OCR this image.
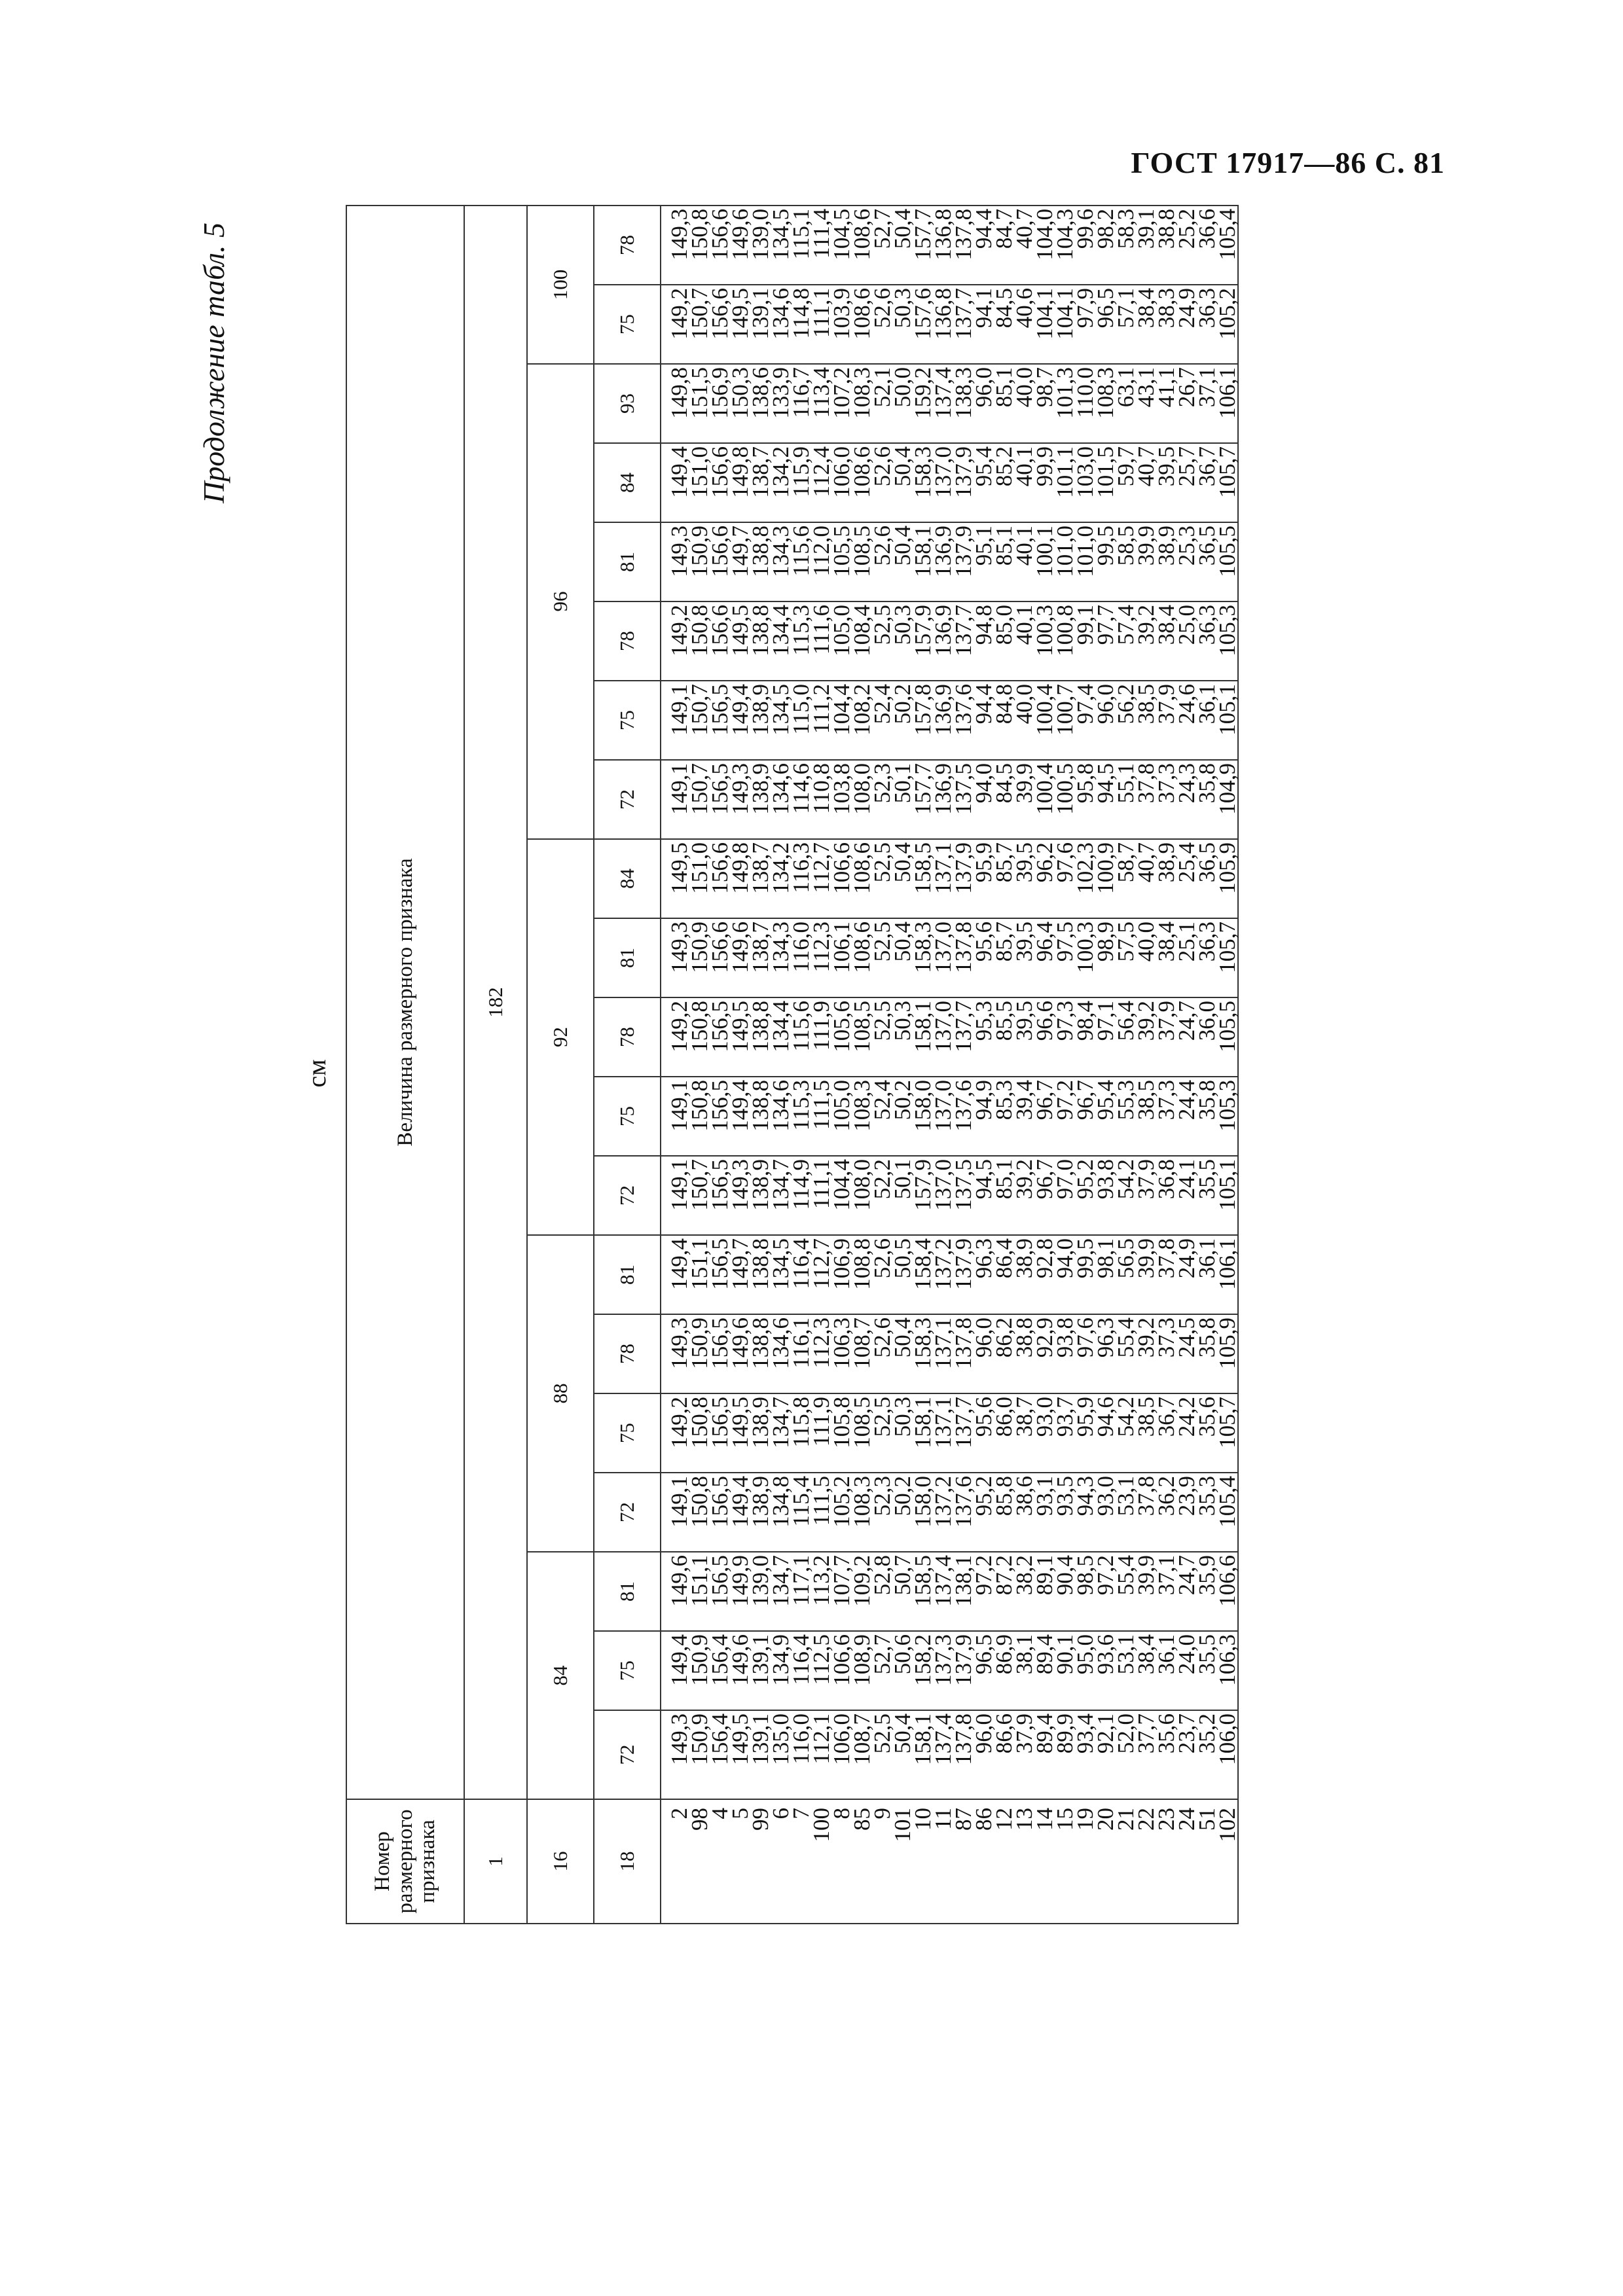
ГОСТ 17917—86 С. 81
Продолжение табл. 5
см
Номер размерного признака	Величина размерного признака																			
1	182																			
16	84			88				92					96						100	
18	72	75	81	72	75	78	81	72	75	78	81	84	72	75	78	81	84	93	75	78
2	149,3	149,4	149,6	149,1	149,2	149,3	149,4	149,1	149,1	149,2	149,3	149,5	149,1	149,1	149,2	149,3	149,4	149,8	149,2	149,3
98	150,9	150,9	151,1	150,8	150,8	150,9	151,1	150,7	150,8	150,8	150,9	151,0	150,7	150,7	150,8	150,9	151,0	151,5	150,7	150,8
4	156,4	156,4	156,5	156,5	156,5	156,5	156,5	156,5	156,5	156,5	156,6	156,6	156,5	156,5	156,6	156,6	156,6	156,9	156,6	156,6
5	149,5	149,6	149,9	149,4	149,5	149,6	149,7	149,3	149,4	149,5	149,6	149,8	149,3	149,4	149,5	149,7	149,8	150,3	149,5	149,6
99	139,1	139,1	139,0	138,9	138,9	138,8	138,8	138,9	138,8	138,8	138,7	138,7	138,9	138,9	138,8	138,8	138,7	138,6	139,1	139,0
6	135,0	134,9	134,7	134,8	134,7	134,6	134,5	134,7	134,6	134,4	134,3	134,2	134,6	134,5	134,4	134,3	134,2	133,9	134,6	134,5
7	116,0	116,4	117,1	115,4	115,8	116,1	116,4	114,9	115,3	115,6	116,0	116,3	114,6	115,0	115,3	115,6	115,9	116,7	114,8	115,1
100	112,1	112,5	113,2	111,5	111,9	112,3	112,7	111,1	111,5	111,9	112,3	112,7	110,8	111,2	111,6	112,0	112,4	113,4	111,1	111,4
8	106,0	106,6	107,7	105,2	105,8	106,3	106,9	104,4	105,0	105,6	106,1	106,6	103,8	104,4	105,0	105,5	106,0	107,2	103,9	104,5
85	108,7	108,9	109,2	108,3	108,5	108,7	108,8	108,0	108,3	108,5	108,6	108,6	108,0	108,2	108,4	108,5	108,6	108,3	108,6	108,6
9	52,5	52,7	52,8	52,3	52,5	52,6	52,6	52,2	52,4	52,5	52,5	52,5	52,3	52,4	52,5	52,6	52,6	52,1	52,6	52,7
101	50,4	50,6	50,7	50,2	50,3	50,4	50,5	50,1	50,2	50,3	50,4	50,4	50,1	50,2	50,3	50,4	50,4	50,0	50,3	50,4
10	158,1	158,2	158,5	158,0	158,1	158,3	158,4	157,9	158,0	158,1	158,3	158,5	157,7	157,8	157,9	158,1	158,3	159,2	157,6	157,7
11	137,4	137,3	137,4	137,2	137,1	137,1	137,2	137,0	137,0	137,0	137,0	137,1	136,9	136,9	136,9	136,9	137,0	137,4	136,8	136,8
87	137,8	137,9	138,1	137,6	137,7	137,8	137,9	137,5	137,6	137,7	137,8	137,9	137,5	137,6	137,7	137,9	137,9	138,3	137,7	137,8
86	96,0	96,5	97,2	95,2	95,6	96,0	96,3	94,5	94,9	95,3	95,6	95,9	94,0	94,4	94,8	95,1	95,4	96,0	94,1	94,4
12	86,6	86,9	87,2	85,8	86,0	86,2	86,4	85,1	85,3	85,5	85,7	85,7	84,5	84,8	85,0	85,1	85,2	85,1	84,5	84,7
13	37,9	38,1	38,2	38,6	38,7	38,8	38,9	39,2	39,4	39,5	39,5	39,5	39,9	40,0	40,1	40,1	40,1	40,0	40,6	40,7
14	89,4	89,4	89,1	93,1	93,0	92,9	92,8	96,7	96,7	96,6	96,4	96,2	100,4	100,4	100,3	100,1	99,9	98,7	104,1	104,0
15	89,9	90,1	90,4	93,5	93,7	93,8	94,0	97,0	97,2	97,3	97,5	97,6	100,5	100,7	100,8	101,0	101,1	101,3	104,1	104,3
19	93,4	95,0	98,5	94,3	95,9	97,6	99,5	95,2	96,7	98,4	100,3	102,3	95,8	97,4	99,1	101,0	103,0	110,0	97,9	99,6
20	92,1	93,6	97,2	93,0	94,6	96,3	98,1	93,8	95,4	97,1	98,9	100,9	94,5	96,0	97,7	99,5	101,5	108,3	96,5	98,2
21	52,0	53,1	55,4	53,1	54,2	55,4	56,5	54,2	55,3	56,4	57,5	58,7	55,1	56,2	57,4	58,5	59,7	63,1	57,1	58,3
22	37,7	38,4	39,9	37,8	38,5	39,2	39,9	37,9	38,5	39,2	40,0	40,7	37,8	38,5	39,2	39,9	40,7	43,1	38,4	39,1
23	35,6	36,1	37,1	36,2	36,7	37,3	37,8	36,8	37,3	37,9	38,4	38,9	37,3	37,9	38,4	38,9	39,5	41,1	38,3	38,8
24	23,7	24,0	24,7	23,9	24,2	24,5	24,9	24,1	24,4	24,7	25,1	25,4	24,3	24,6	25,0	25,3	25,7	26,7	24,9	25,2
51	35,2	35,5	35,9	35,3	35,6	35,8	36,1	35,5	35,8	36,0	36,3	36,5	35,8	36,1	36,3	36,5	36,7	37,1	36,3	36,6
102	106,0	106,3	106,6	105,4	105,7	105,9	106,1	105,1	105,3	105,5	105,7	105,9	104,9	105,1	105,3	105,5	105,7	106,1	105,2	105,4
